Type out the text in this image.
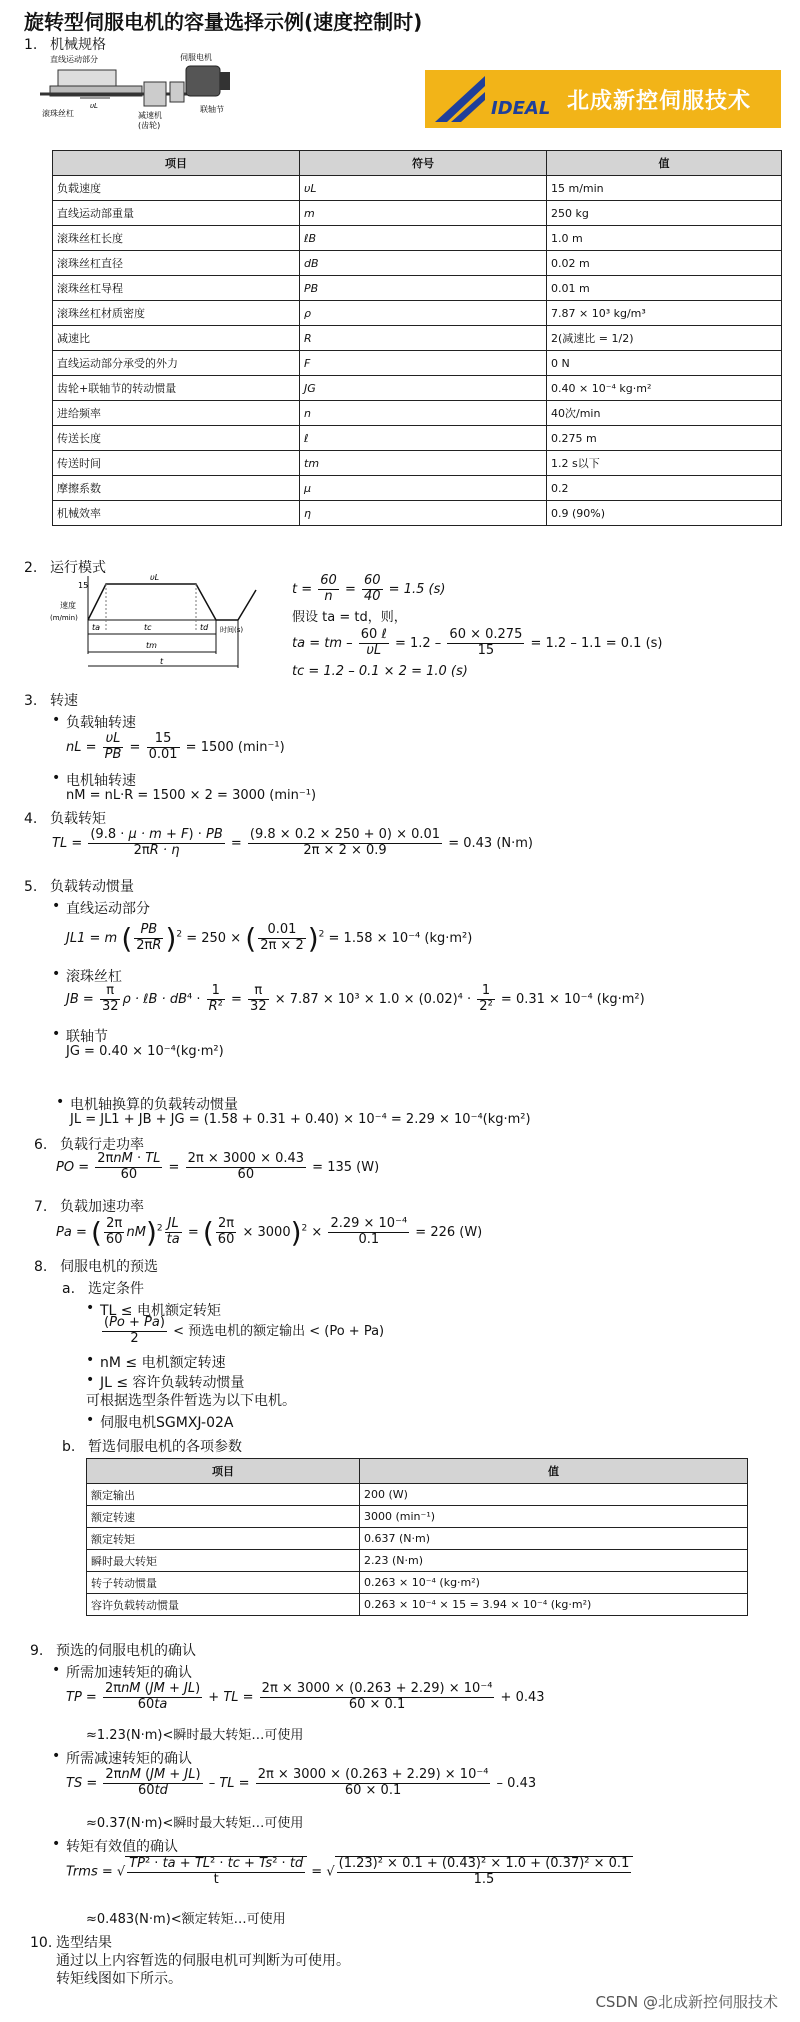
旋转型伺服电机的容量选择示例(速度控制时)
1. 机械规格
直线运动部分	伺服电机
联轴节
减速机
(齿轮)
滚珠丝杠
υL	IDEAL 北成新控伺服技术
项目	符号	值
负载速度	υL	15 m/min
直线运动部重量	m	250 kg
滚珠丝杠长度	ℓB	1.0 m
滚珠丝杠直径	dB	0.02 m
滚珠丝杠导程	PB	0.01 m
滚珠丝杠材质密度	ρ	7.87 × 10³ kg/m³
减速比	R	2(减速比 = 1/2)
直线运动部分承受的外力	F	0 N
齿轮+联轴节的转动惯量	JG	0.40 × 10⁻⁴ kg·m²
进给频率	n	40次/min
传送长度	ℓ	0.275 m
传送时间	tm	1.2 s以下
摩擦系数	μ	0.2
机械效率	η	0.9 (90%)
2. 运行模式
15
υL
速度
(m/min)
ta	tc	td
tm
t
时间(s)
$t = \frac{60}{n} = \frac{60}{40} = 1.5$ (s)
假设 ta = td，则，
ta = tm – $\frac{\text{60 ℓ}}{\upsilon L} = 1.2 - \frac{60 \times 0.275}{15} = 1.2 - 1.1 = 0.1$ (s)
tc = 1.2 – 0.1 × 2 = 1.0 (s)
3. 转速
• 负载轴转速
nL = $\frac{\upsilon L}{PB} = \frac{15}{0.01} = 1500$ (min⁻¹)
• 电机轴转速
nM = nL·R = 1500 × 2 = 3000 (min⁻¹)
4. 负载转矩
TL = $\frac{(9.8 \cdot \mu \cdot m + F) \cdot PB}{2\pi R \cdot \eta} = \frac{(9.8 \times 0.2 \times 250 + 0) \times 0.01}{2\pi \times 2 \times 0.9} = 0.43$ (N·m)
5. 负载转动惯量
• 直线运动部分
JL1 = m ( $\frac{PB}{2\pi R} )^2 = 250$ × ( $\frac{0.01}{2\pi \times 2} )^2 = 1.58 \times 10^{-4}$ (kg·m²)
• 滚珠丝杠
JB = $\frac{\pi}{32}$ ρ · ℓB · $dB^4 \cdot \frac{1}{\text{R²}} = \frac{\pi}{32} \times 7.87 \times 10^3 \times 1.0 \times (0.02)^4 \cdot \frac{1}{\text{2²}} = 0.31 \times 10^{-4}$ (kg·m²)
• 联轴节
JG = 0.40 × 10⁻⁴(kg·m²)
• 电机轴换算的负载转动惯量
JL = JL1 + JB + JG = (1.58 + 0.31 + 0.40) × 10⁻⁴ = 2.29 × 10⁻⁴(kg·m²)
6. 负载行走功率
PO = $\frac{\text{2πnM · TL}}{60} = \frac{2\pi \times 3000 \times 0.43}{60} = 135$ (W)
7. 负载加速功率
Pa = ( $\frac{2\pi}{60} nM)^2 \frac{JL}{ta}$ = ( $\frac{2\pi}{60} \times 3000)^2 \times \frac{\text{2.29 × 10⁻⁴}}{0.1} = 226$ (W)
8. 伺服电机的预选
a. 选定条件
• TL ≤ 电机额定转矩
$\frac{(Po + Pa)}{2}$ < 预选电机的额定输出 < (Po + Pa)
• nM ≤ 电机额定转速
• JL ≤ 容许负载转动惯量
可根据选型条件暂选为以下电机。
• 伺服电机SGMXJ-02A
b. 暂选伺服电机的各项参数
项目	值
额定输出	200 (W)
额定转速	3000 (min⁻¹)
额定转矩	0.637 (N·m)
瞬时最大转矩	2.23 (N·m)
转子转动惯量	0.263 × 10⁻⁴ (kg·m²)
容许负载转动惯量	0.263 × 10⁻⁴ × 15 = 3.94 × 10⁻⁴ (kg·m²)
9. 预选的伺服电机的确认
• 所需加速转矩的确认
TP = $\frac{\text{2πnM (JM + JL)}}{60ta}$ + TL = $\frac{\text{2π × 3000 × (0.263 + 2.29) × 10⁻⁴}}{60 \times 0.1} + 0.43$
≈1.23(N·m)<瞬时最大转矩…可使用
• 所需减速转矩的确认
TS = $\frac{\text{2πnM (JM + JL)}}{60td}$ – TL = $\frac{\text{2π × 3000 × (0.263 + 2.29) × 10⁻⁴}}{60 \times 0.1} - 0.43$
≈0.37(N·m)<瞬时最大转矩…可使用
• 转矩有效值的确认
Trms = √ $\frac{\text{TP² · ta + TL² · tc + Ts² · td}}{t}$ = √ $\frac{\text{(1.23)² × 0.1 + (0.43)² × 1.0 + (0.37)² × 0.1}}{1.5}$
≈0.483(N·m)<额定转矩…可使用
10. 选型结果
通过以上内容暂选的伺服电机可判断为可使用。
转矩线图如下所示。
CSDN @北成新控伺服技术
